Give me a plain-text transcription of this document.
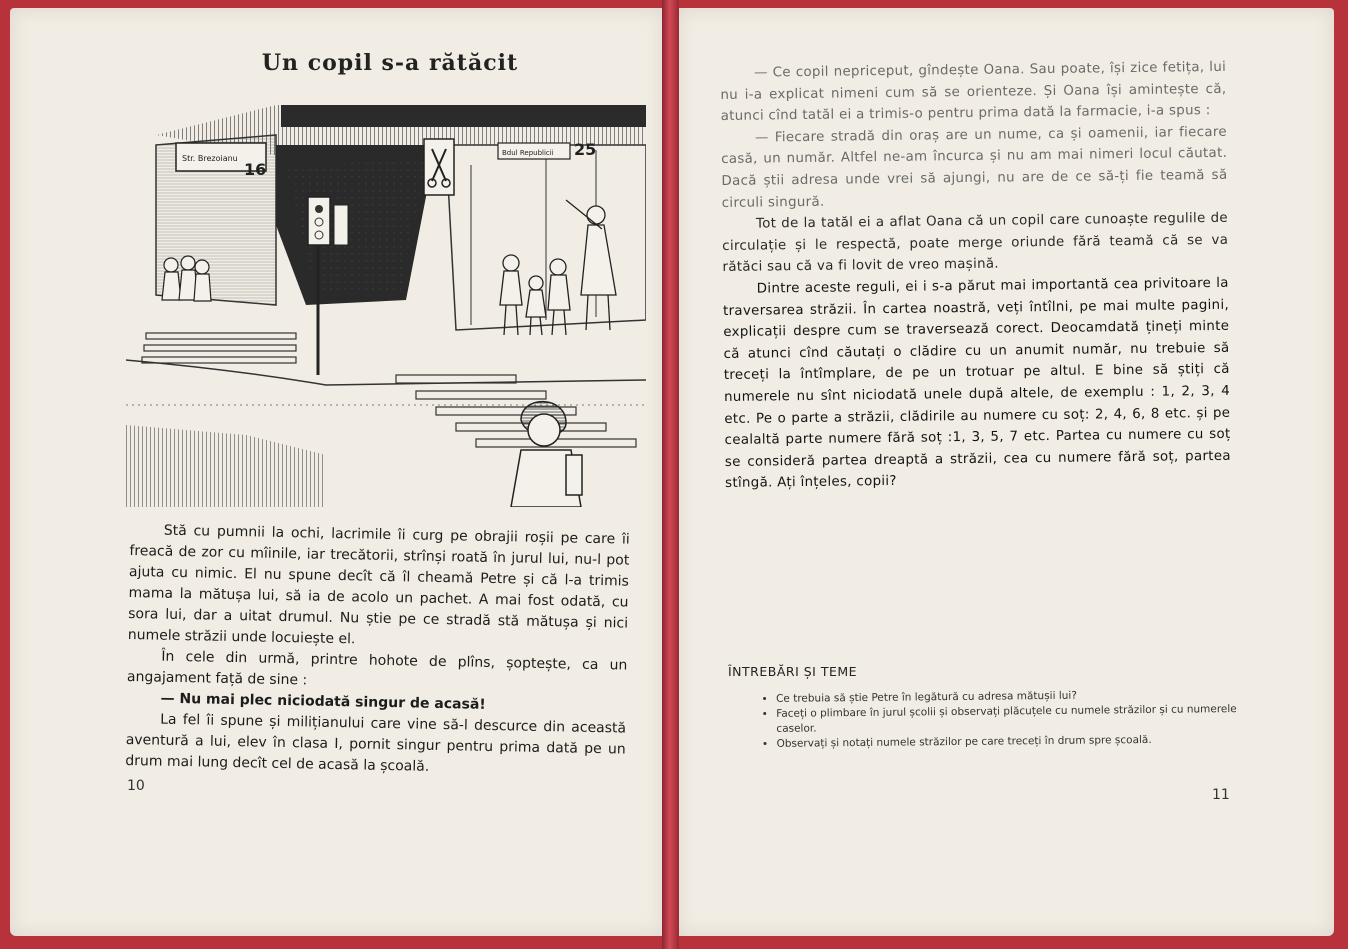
Un copil s-a rătăcit
Str. Brezoianu
16
Bdul Republicii 25

Stă cu pumnii la ochi, lacrimile îi curg pe obrajii roșii pe care îi freacă de zor cu mîinile, iar trecătorii, strînși roată în jurul lui, nu-l pot ajuta cu nimic. El nu spune decît că îl cheamă Petre și că l-a trimis mama la mătușa lui, să ia de acolo un pachet. A mai fost odată, cu sora lui, dar a uitat drumul. Nu știe pe ce stradă stă mătușa și nici numele străzii unde locuiește el.

În cele din urmă, printre hohote de plîns, șoptește, ca un angajament față de sine :

— Nu mai plec niciodată singur de acasă!

La fel îi spune și milițianului care vine să-l descurce din această aventură a lui, elev în clasa I, pornit singur pentru prima dată pe un drum mai lung decît cel de acasă la școală.

10

— Ce copil nepriceput, gîndește Oana. Sau poate, își zice fetița, lui nu i-a explicat nimeni cum să se orienteze. Și Oana își amintește că, atunci cînd tatăl ei a trimis-o pentru prima dată la farmacie, i-a spus :

— Fiecare stradă din oraș are un nume, ca și oamenii, iar fiecare casă, un număr. Altfel ne-am încurca și nu am mai nimeri locul căutat. Dacă știi adresa unde vrei să ajungi, nu are de ce să-ți fie teamă să circuli singură.

Tot de la tatăl ei a aflat Oana că un copil care cunoaște regulile de circulație și le respectă, poate merge oriunde fără teamă că se va rătăci sau că va fi lovit de vreo mașină.

Dintre aceste reguli, ei i s-a părut mai importantă cea privitoare la traversarea străzii. În cartea noastră, veți întîlni, pe mai multe pagini, explicații despre cum se traversează corect. Deocamdată țineți minte că atunci cînd căutați o clădire cu un anumit număr, nu trebuie să treceți la întîmplare, de pe un trotuar pe altul. E bine să știți că numerele nu sînt niciodată unele după altele, de exemplu : 1, 2, 3, 4 etc. Pe o parte a străzii, clădirile au numere cu soț: 2, 4, 6, 8 etc. și pe cealaltă parte numere fără soț :1, 3, 5, 7 etc. Partea cu numere cu soț se consideră partea dreaptă a străzii, cea cu numere fără soț, partea stîngă. Ați înțeles, copii?

ÎNTREBĂRI ȘI TEME
• Ce trebuia să știe Petre în legătură cu adresa mătușii lui?
• Faceți o plimbare în jurul școlii și observați plăcuțele cu numele străzilor și cu numerele caselor.
• Observați și notați numele străzilor pe care treceți în drum spre școală.
11
